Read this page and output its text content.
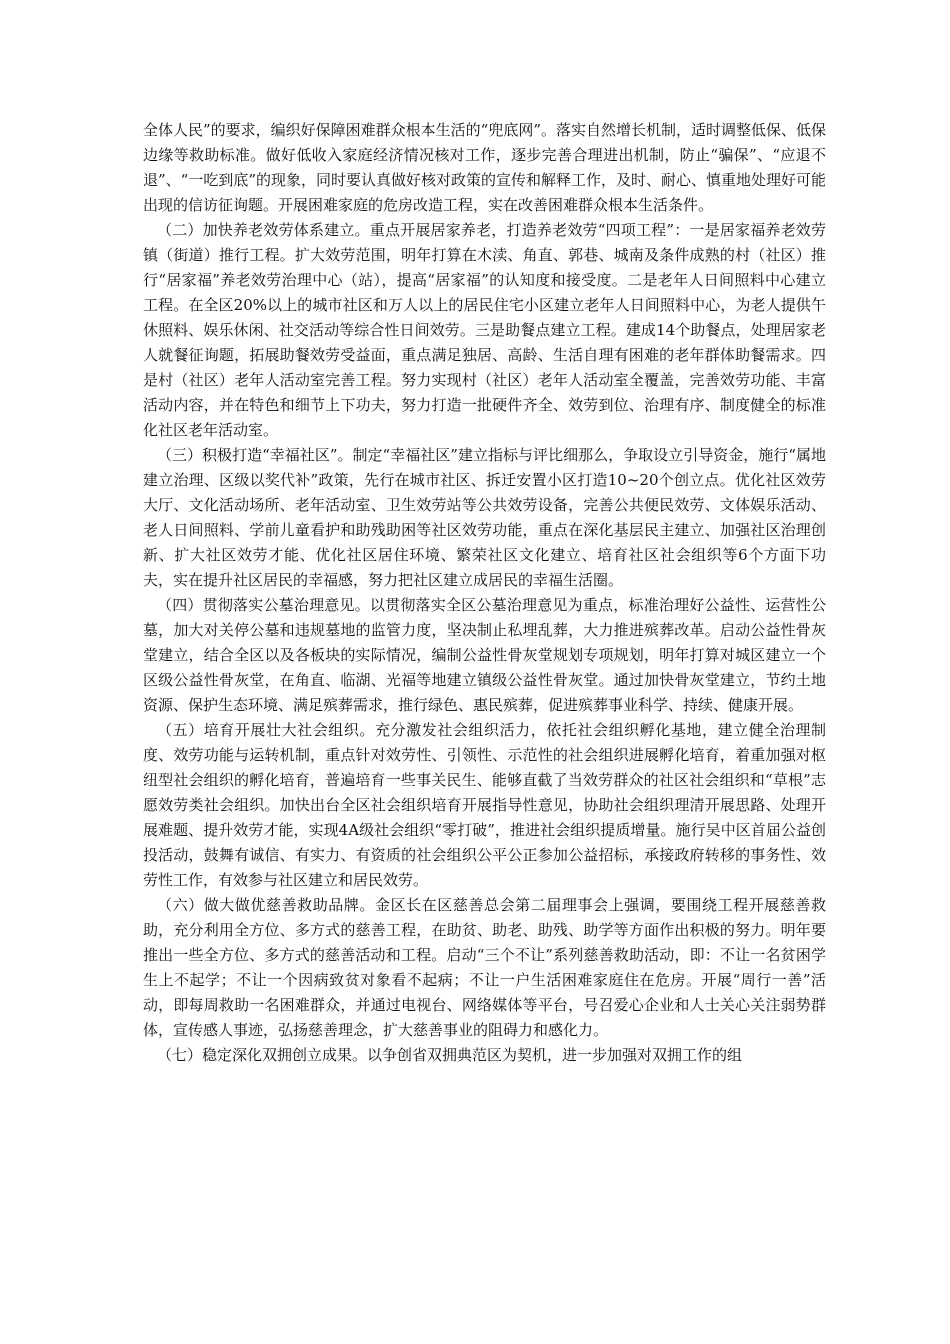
全体人民”的要求，编织好保障困难群众根本生活的“兜底网”。落实自然增长机制，适时调整低保、低保边缘等救助标准。做好低收入家庭经济情况核对工作，逐步完善合理进出机制，防止“骗保”、“应退不退”、“一吃到底”的现象，同时要认真做好核对政策的宣传和解释工作，及时、耐心、慎重地处理好可能出现的信访征询题。开展困难家庭的危房改造工程，实在改善困难群众根本生活条件。

（二）加快养老效劳体系建立。重点开展居家养老，打造养老效劳“四项工程”：一是居家福养老效劳镇（街道）推行工程。扩大效劳范围，明年打算在木渎、角直、郭巷、城南及条件成熟的村（社区）推行“居家福”养老效劳治理中心（站），提高“居家福”的认知度和接受度。二是老年人日间照料中心建立工程。在全区20%以上的城市社区和万人以上的居民住宅小区建立老年人日间照料中心，为老人提供午休照料、娱乐休闲、社交活动等综合性日间效劳。三是助餐点建立工程。建成14个助餐点，处理居家老人就餐征询题，拓展助餐效劳受益面，重点满足独居、高龄、生活自理有困难的老年群体助餐需求。四是村（社区）老年人活动室完善工程。努力实现村（社区）老年人活动室全覆盖，完善效劳功能、丰富活动内容，并在特色和细节上下功夫，努力打造一批硬件齐全、效劳到位、治理有序、制度健全的标准化社区老年活动室。

（三）积极打造“幸福社区”。制定“幸福社区”建立指标与评比细那么，争取设立引导资金，施行“属地建立治理、区级以奖代补”政策，先行在城市社区、拆迁安置小区打造10~20个创立点。优化社区效劳大厅、文化活动场所、老年活动室、卫生效劳站等公共效劳设备，完善公共便民效劳、文体娱乐活动、老人日间照料、学前儿童看护和助残助困等社区效劳功能，重点在深化基层民主建立、加强社区治理创新、扩大社区效劳才能、优化社区居住环境、繁荣社区文化建立、培育社区社会组织等6个方面下功夫，实在提升社区居民的幸福感，努力把社区建立成居民的幸福生活圈。

（四）贯彻落实公墓治理意见。以贯彻落实全区公墓治理意见为重点，标准治理好公益性、运营性公墓，加大对关停公墓和违规墓地的监管力度，坚决制止私埋乱葬，大力推进殡葬改革。启动公益性骨灰堂建立，结合全区以及各板块的实际情况，编制公益性骨灰堂规划专项规划，明年打算对城区建立一个区级公益性骨灰堂，在角直、临湖、光福等地建立镇级公益性骨灰堂。通过加快骨灰堂建立，节约土地资源、保护生态环境、满足殡葬需求，推行绿色、惠民殡葬，促进殡葬事业科学、持续、健康开展。

（五）培育开展壮大社会组织。充分激发社会组织活力，依托社会组织孵化基地，建立健全治理制度、效劳功能与运转机制，重点针对效劳性、引领性、示范性的社会组织进展孵化培育，着重加强对枢纽型社会组织的孵化培育，普遍培育一些事关民生、能够直截了当效劳群众的社区社会组织和“草根”志愿效劳类社会组织。加快出台全区社会组织培育开展指导性意见，协助社会组织理清开展思路、处理开展难题、提升效劳才能，实现4A级社会组织“零打破”，推进社会组织提质增量。施行吴中区首届公益创投活动，鼓舞有诚信、有实力、有资质的社会组织公平公正参加公益招标，承接政府转移的事务性、效劳性工作，有效参与社区建立和居民效劳。

（六）做大做优慈善救助品牌。金区长在区慈善总会第二届理事会上强调，要围绕工程开展慈善救助，充分利用全方位、多方式的慈善工程，在助贫、助老、助残、助学等方面作出积极的努力。明年要推出一些全方位、多方式的慈善活动和工程。启动“三个不让”系列慈善救助活动，即：不让一名贫困学生上不起学；不让一个因病致贫对象看不起病；不让一户生活困难家庭住在危房。开展“周行一善”活动，即每周救助一名困难群众，并通过电视台、网络媒体等平台，号召爱心企业和人士关心关注弱势群体，宣传感人事迹，弘扬慈善理念，扩大慈善事业的阻碍力和感化力。

（七）稳定深化双拥创立成果。以争创省双拥典范区为契机，进一步加强对双拥工作的组
